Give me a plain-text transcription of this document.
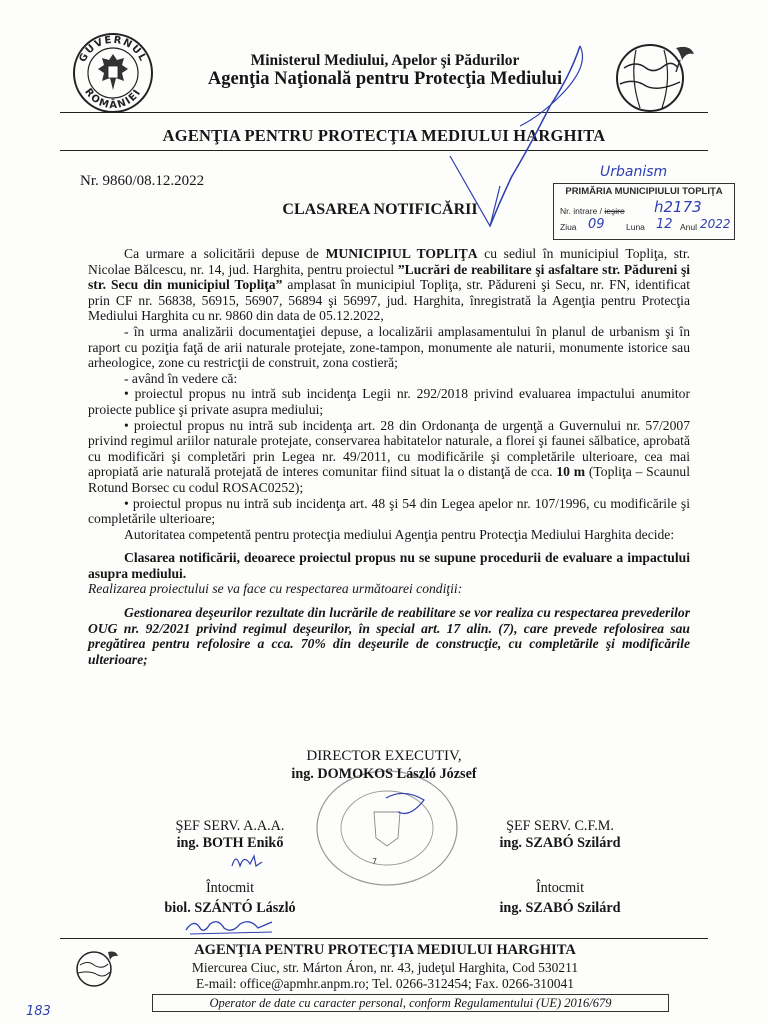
GUVERNUL
ROMÂNIEI
Ministerul Mediului, Apelor şi Pădurilor
Agenţia Naţională pentru Protecţia Mediului
AGENŢIA PENTRU PROTECŢIA MEDIULUI HARGHITA
Nr. 9860/08.12.2022
CLASAREA NOTIFICĂRII
Urbanism
PRIMĂRIA MUNICIPIULUI TOPLIŢA
Nr. intrare / ieşire h2173
Ziua 09	Luna 12 Anul 2022

Ca urmare a solicitării depuse de MUNICIPIUL TOPLIŢA cu sediul în municipiul Topliţa, str. Nicolae Bălcescu, nr. 14, jud. Harghita, pentru proiectul ”Lucrări de reabilitare şi asfaltare str. Pădureni şi str. Secu din municipiul Topliţa” amplasat în municipiul Topliţa, str. Pădureni şi Secu, nr. FN, identificat prin CF nr. 56838, 56915, 56907, 56894 şi 56997, jud. Harghita, înregistrată la Agenţia pentru Protecţia Mediului Harghita cu nr. 9860 din data de 05.12.2022,

- în urma analizării documentaţiei depuse, a localizării amplasamentului în planul de urbanism şi în raport cu poziţia faţă de arii naturale protejate, zone-tampon, monumente ale naturii, monumente istorice sau arheologice, zone cu restricţii de construit, zona costieră;

- având în vedere că:

• proiectul propus nu intră sub incidenţa Legii nr. 292/2018 privind evaluarea impactului anumitor proiecte publice şi private asupra mediului;

• proiectul propus nu intră sub incidenţa art. 28 din Ordonanţa de urgenţă a Guvernului nr. 57/2007 privind regimul ariilor naturale protejate, conservarea habitatelor naturale, a florei şi faunei sălbatice, aprobată cu modificări şi completări prin Legea nr. 49/2011, cu modificările şi completările ulterioare, cea mai apropiată arie naturală protejată de interes comunitar fiind situat la o distanţă de cca. 10 m (Topliţa – Scaunul Rotund Borsec cu codul ROSAC0252);

• proiectul propus nu intră sub incidenţa art. 48 şi 54 din Legea apelor nr. 107/1996, cu modificările şi completările ulterioare;

Autoritatea competentă pentru protecţia mediului Agenţia pentru Protecţia Mediului Harghita decide:

Clasarea notificării, deoarece proiectul propus nu se supune procedurii de evaluare a impactului asupra mediului.

Realizarea proiectului se va face cu respectarea următoarei condiţii:

Gestionarea deşeurilor rezultate din lucrările de reabilitare se vor realiza cu respectarea prevederilor OUG nr. 92/2021 privind regimul deşeurilor, în special art. 17 alin. (7), care prevede refolosirea sau pregătirea pentru refolosire a cca. 70% din deşeurile de construcţie, cu completările şi modificările ulterioare;

7
DIRECTOR EXECUTIV,
ing. DOMOKOS László József
ŞEF SERV. A.A.A.
ing. BOTH Enikő
ŞEF SERV. C.F.M.
ing. SZABÓ Szilárd
Întocmit
biol. SZÁNTÓ László
Întocmit
ing. SZABÓ Szilárd
AGENŢIA PENTRU PROTECŢIA MEDIULUI HARGHITA
Miercurea Ciuc, str. Márton Áron, nr. 43, judeţul Harghita, Cod 530211
E-mail: office@apmhr.anpm.ro; Tel. 0266-312454; Fax. 0266-310041
Operator de date cu caracter personal, conform Regulamentului (UE) 2016/679
183
